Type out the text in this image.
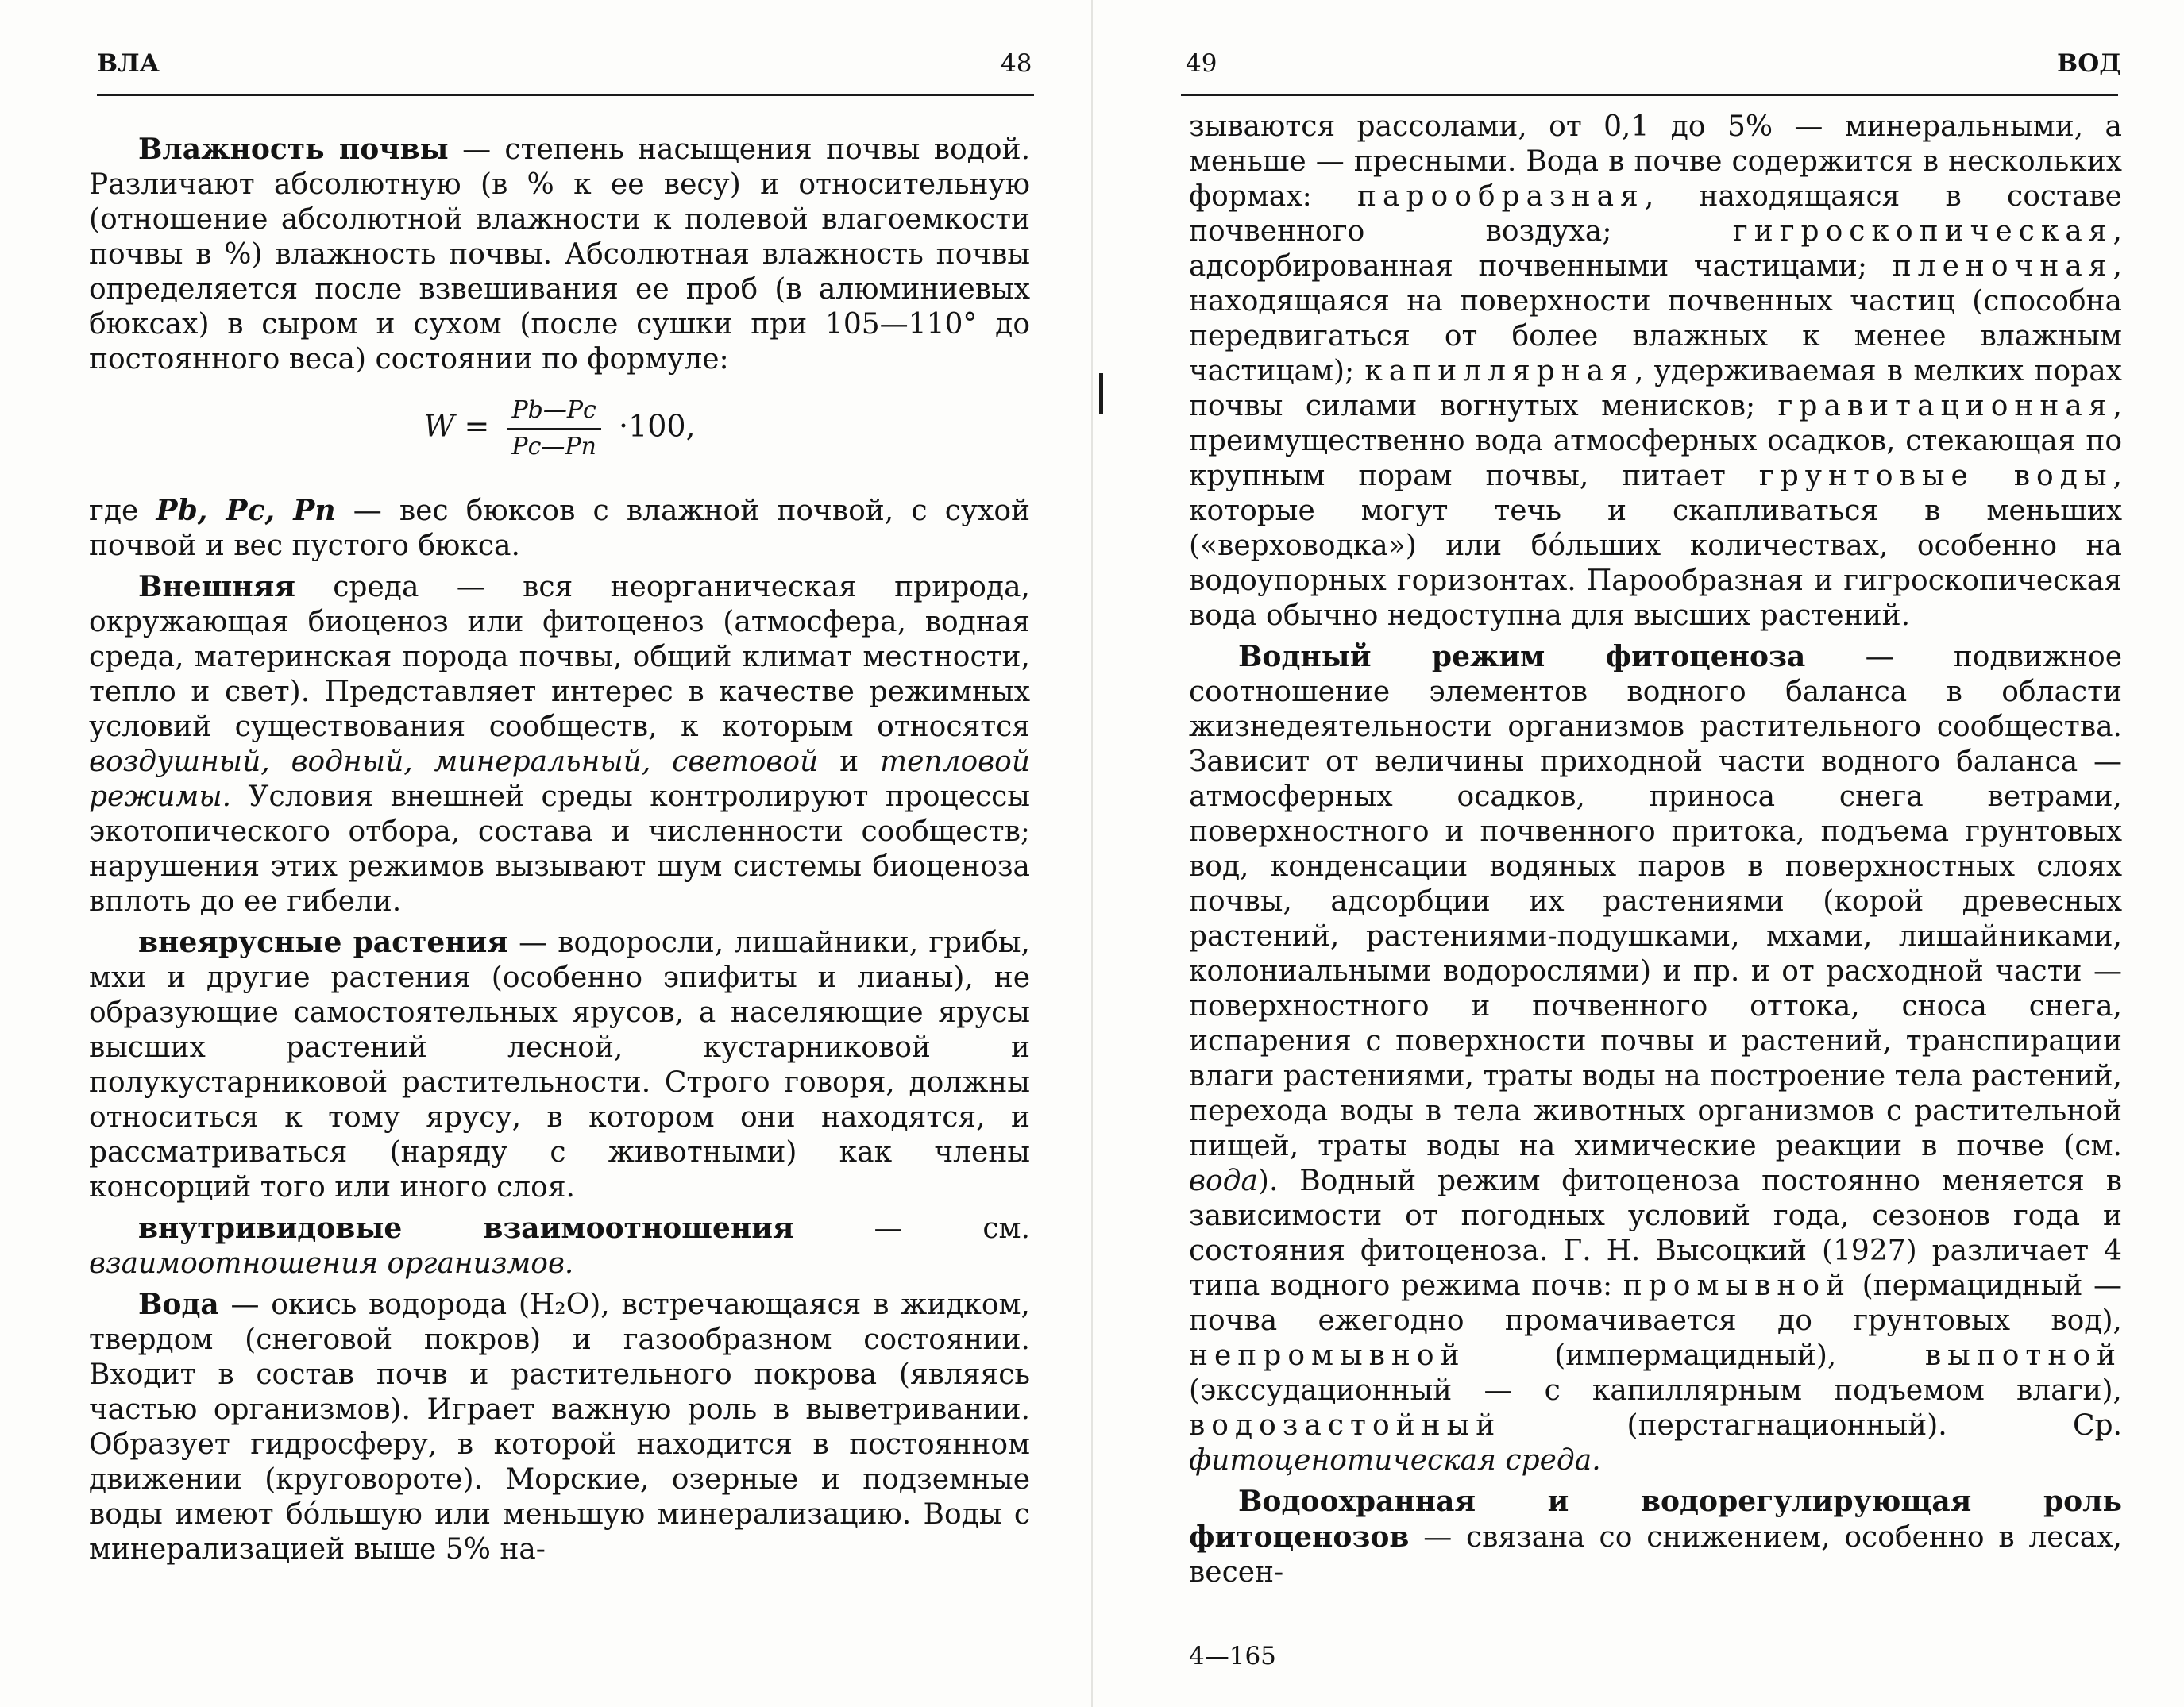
ВЛА	48

Влажность почвы — степень насыщения почвы водой. Различают абсолютную (в % к ее весу) и относительную (отношение абсолютной влажности к полевой влагоемкости почвы в %) влажность почвы. Абсолютная влажность почвы определяется после взвешивания ее проб (в алюминиевых бюксах) в сыром и сухом (после сушки при 105—110° до постоянного веса) состоянии по формуле:

$W = \frac{Pb—Pc}{Pc—Pn} \cdot 100$,

где Pb, Pc, Pn — вес бюксов с влажной почвой, с сухой почвой и вес пустого бюкса.

Внешняя среда — вся неорганическая природа, окружающая биоценоз или фитоценоз (атмосфера, водная среда, материнская порода почвы, общий климат местности, тепло и свет). Представляет интерес в качестве режимных условий существования сообществ, к которым относятся воздушный, водный, минеральный, световой и тепловой режимы. Условия внешней среды контролируют процессы экотопического отбора, состава и численности сообществ; нарушения этих режимов вызывают шум системы биоценоза вплоть до ее гибели.

внеярусные растения — водоросли, лишайники, грибы, мхи и другие растения (особенно эпифиты и лианы), не образующие самостоятельных ярусов, а населяющие ярусы высших растений лесной, кустарниковой и полукустарниковой растительности. Строго говоря, должны относиться к тому ярусу, в котором они находятся, и рассматриваться (наряду с животными) как члены консорций того или иного слоя.

внутривидовые взаимоотношения — см. взаимоотношения организмов.

Вода — окись водорода (H₂O), встречающаяся в жидком, твердом (снеговой покров) и газообразном состоянии. Входит в состав почв и растительного покрова (являясь частью организмов). Играет важную роль в выветривании. Образует гидросферу, в которой находится в постоянном движении (круговороте). Морские, озерные и подземные воды имеют бо́льшую или меньшую минерализацию. Воды с минерализацией выше 5% на-

49	ВОД

зываются рассолами, от 0,1 до 5% — минеральными, а меньше — пресными. Вода в почве содержится в нескольких формах: парообразная, находящаяся в составе почвенного воздуха; гигроскопическая, адсорбированная почвенными частицами; пленочная, находящаяся на поверхности почвенных частиц (способна передвигаться от более влажных к менее влажным частицам); капиллярная, удерживаемая в мелких порах почвы силами вогнутых менисков; гравитационная, преимущественно вода атмосферных осадков, стекающая по крупным порам почвы, питает грунтовые воды, которые могут течь и скапливаться в меньших («верховодка») или бо́льших количествах, особенно на водоупорных горизонтах. Парообразная и гигроскопическая вода обычно недоступна для высших растений.

Водный режим фитоценоза — подвижное соотношение элементов водного баланса в области жизнедеятельности организмов растительного сообщества. Зависит от величины приходной части водного баланса — атмосферных осадков, приноса снега ветрами, поверхностного и почвенного притока, подъема грунтовых вод, конденсации водяных паров в поверхностных слоях почвы, адсорбции их растениями (корой древесных растений, растениями-подушками, мхами, лишайниками, колониальными водорослями) и пр. и от расходной части — поверхностного и почвенного оттока, сноса снега, испарения с поверхности почвы и растений, транспирации влаги растениями, траты воды на построение тела растений, перехода воды в тела животных организмов с растительной пищей, траты воды на химические реакции в почве (см. вода). Водный режим фитоценоза постоянно меняется в зависимости от погодных условий года, сезонов года и состояния фитоценоза. Г. Н. Высоцкий (1927) различает 4 типа водного режима почв: промывной (пермацидный — почва ежегодно промачивается до грунтовых вод), непромывной (импермацидный), выпотной (экссудационный — с капиллярным подъемом влаги), водозастойный (перстагнационный). Ср. фитоценотическая среда.

Водоохранная и водорегулирующая роль фитоценозов — связана со снижением, особенно в лесах, весен-

4—165
